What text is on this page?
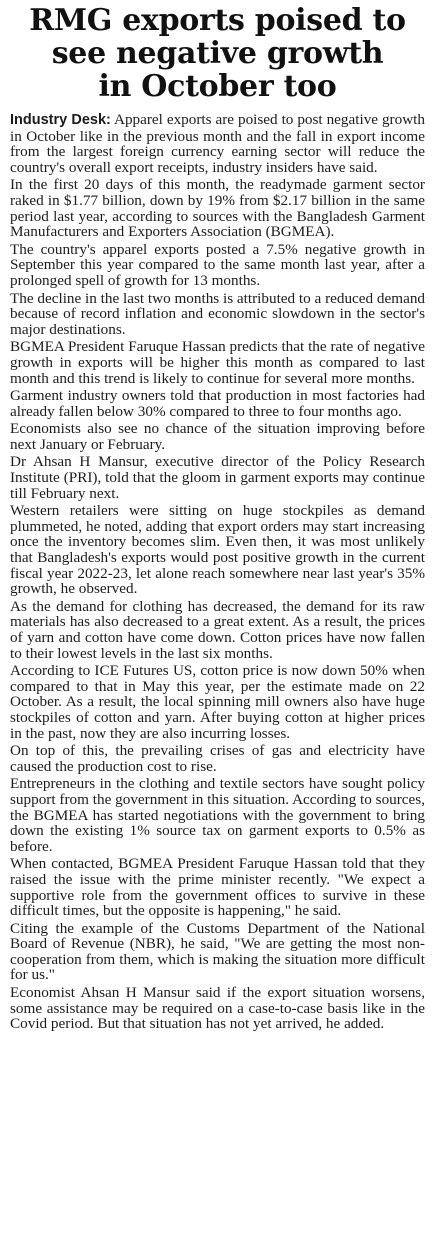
RMG exports poised to
see negative growth
in October too

Industry Desk: Apparel exports are poised to post negative growth in October like in the previous month and the fall in export income from the largest foreign currency earning sector will reduce the country's overall export receipts, industry insiders have said.

In the first 20 days of this month, the readymade garment sector raked in $1.77 billion, down by 19% from $2.17 billion in the same period last year, according to sources with the Bangladesh Garment Manufacturers and Exporters Association (BGMEA).

The country's apparel exports posted a 7.5% negative growth in September this year compared to the same month last year, after a prolonged spell of growth for 13 months.

The decline in the last two months is attributed to a reduced demand because of record inflation and economic slowdown in the sector's major destinations.

BGMEA President Faruque Hassan predicts that the rate of negative growth in exports will be higher this month as compared to last month and this trend is likely to continue for several more months.

Garment industry owners told that production in most factories had already fallen below 30% compared to three to four months ago.

Economists also see no chance of the situation improving before next January or February.

Dr Ahsan H Mansur, executive director of the Policy Research Institute (PRI), told that the gloom in garment exports may continue till February next.

Western retailers were sitting on huge stockpiles as demand plummeted, he noted, adding that export orders may start increasing once the inventory becomes slim. Even then, it was most unlikely that Bangladesh's exports would post positive growth in the current fiscal year 2022-23, let alone reach somewhere near last year's 35% growth, he observed.

As the demand for clothing has decreased, the demand for its raw materials has also decreased to a great extent. As a result, the prices of yarn and cotton have come down. Cotton prices have now fallen to their lowest levels in the last six months.

According to ICE Futures US, cotton price is now down 50% when compared to that in May this year, per the estimate made on 22 October. As a result, the local spinning mill owners also have huge stockpiles of cotton and yarn. After buying cotton at higher prices in the past, now they are also incurring losses.

On top of this, the prevailing crises of gas and electricity have caused the production cost to rise.

Entrepreneurs in the clothing and textile sectors have sought policy support from the government in this situation. According to sources, the BGMEA has started negotiations with the government to bring down the existing 1% source tax on garment exports to 0.5% as before.

When contacted, BGMEA President Faruque Hassan told that they raised the issue with the prime minister recently. "We expect a supportive role from the government offices to survive in these difficult times, but the opposite is happening," he said.

Citing the example of the Customs Department of the National Board of Revenue (NBR), he said, "We are getting the most non-cooperation from them, which is making the situation more difficult for us."

Economist Ahsan H Mansur said if the export situation worsens, some assistance may be required on a case-to-case basis like in the Covid period. But that situation has not yet arrived, he added.
